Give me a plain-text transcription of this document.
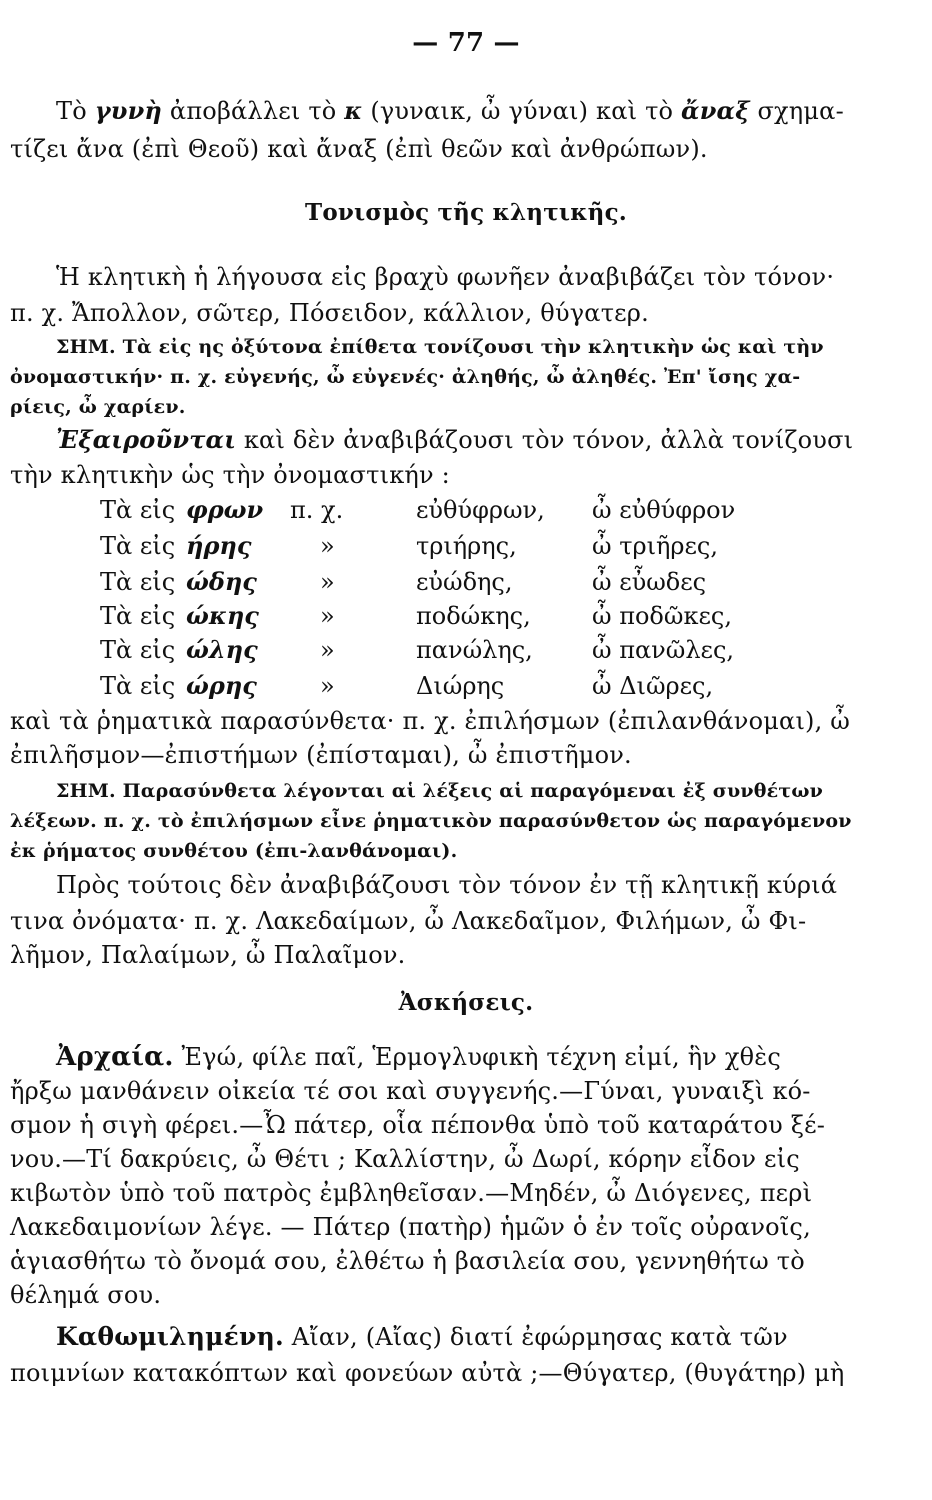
— 77 —
Τὸ γυνὴ ἀποβάλλει τὸ κ (γυναικ, ὦ γύναι) καὶ τὸ ἄναξ σχημα-
τίζει ἄνα (ἐπὶ Θεοῦ) καὶ ἄναξ (ἐπὶ θεῶν καὶ ἀνθρώπων).
Τονισμὸς τῆς κλητικῆς.
Ἡ κλητικὴ ἡ λήγουσα εἰς βραχὺ φωνῆεν ἀναβιβάζει τὸν τόνον·
π. χ. Ἄπολλον, σῶτερ, Πόσειδον, κάλλιον, θύγατερ.
ΣΗΜ. Τὰ εἰς ης ὀξύτονα ἐπίθετα τονίζουσι τὴν κλητικὴν ὡς καὶ τὴν
ὀνομαστικήν· π. χ. εὐγενής, ὦ εὐγενές· ἀληθής, ὦ ἀληθές. Ἐπ' ἴσης χα-
ρίεις, ὦ χαρίεν.
Ἐξαιροῦνται καὶ δὲν ἀναβιβάζουσι τὸν τόνον, ἀλλὰ τονίζουσι
τὴν κλητικὴν ὡς τὴν ὀνομαστικήν :
Τὰ εἰς φρων π. χ.	εὐθύφρων, ὦ εὐθύφρον
Τὰ εἰς ήρης	»	τριήρης,	ὦ τριῆρες,
Τὰ εἰς ώδης	»	εὐώδης,	ὦ εὖωδες
Τὰ εἰς ώκης	»	ποδώκης,	ὦ ποδῶκες,
Τὰ εἰς ώλης	»	πανώλης, ὦ πανῶλες,
Τὰ εἰς ώρης	»	Διώρης	ὦ Διῶρες,
καὶ τὰ ῥηματικὰ παρασύνθετα· π. χ. ἐπιλήσμων (ἐπιλανθάνομαι), ὦ
ἐπιλῆσμον—ἐπιστήμων (ἐπίσταμαι), ὦ ἐπιστῆμον.
ΣΗΜ. Παρασύνθετα λέγονται αἱ λέξεις αἱ παραγόμεναι ἐξ συνθέτων
λέξεων. π. χ. τὸ ἐπιλήσμων εἶνε ῥηματικὸν παρασύνθετον ὡς παραγόμενον
ἐκ ῥήματος συνθέτου (ἐπι-λανθάνομαι).
Πρὸς τούτοις δὲν ἀναβιβάζουσι τὸν τόνον ἐν τῇ κλητικῇ κύριά
τινα ὀνόματα· π. χ. Λακεδαίμων, ὦ Λακεδαῖμον, Φιλήμων, ὦ Φι-
λῆμον, Παλαίμων, ὦ Παλαῖμον.
Ἀσκήσεις.
Ἀρχαία. Ἐγώ, φίλε παῖ, Ἑρμογλυφικὴ τέχνη εἰμί, ἣν χθὲς
ἤρξω μανθάνειν οἰκεία τέ σοι καὶ συγγενής.—Γύναι, γυναιξὶ κό-
σμον ἡ σιγὴ φέρει.—Ὦ πάτερ, οἷα πέπονθα ὑπὸ τοῦ καταράτου ξέ-
νου.—Τί δακρύεις, ὦ Θέτι ; Καλλίστην, ὦ Δωρί, κόρην εἶδον εἰς
κιβωτὸν ὑπὸ τοῦ πατρὸς ἐμβληθεῖσαν.—Μηδέν, ὦ Διόγενες, περὶ
Λακεδαιμονίων λέγε. — Πάτερ (πατὴρ) ἡμῶν ὁ ἐν τοῖς οὐρανοῖς,
ἁγιασθήτω τὸ ὄνομά σου, ἐλθέτω ἡ βασιλεία σου, γεννηθήτω τὸ
θέλημά σου.
Καθωμιλημένη. Αἴαν, (Αἴας) διατί ἐφώρμησας κατὰ τῶν
ποιμνίων κατακόπτων καὶ φονεύων αὐτὰ ;—Θύγατερ, (θυγάτηρ) μὴ
